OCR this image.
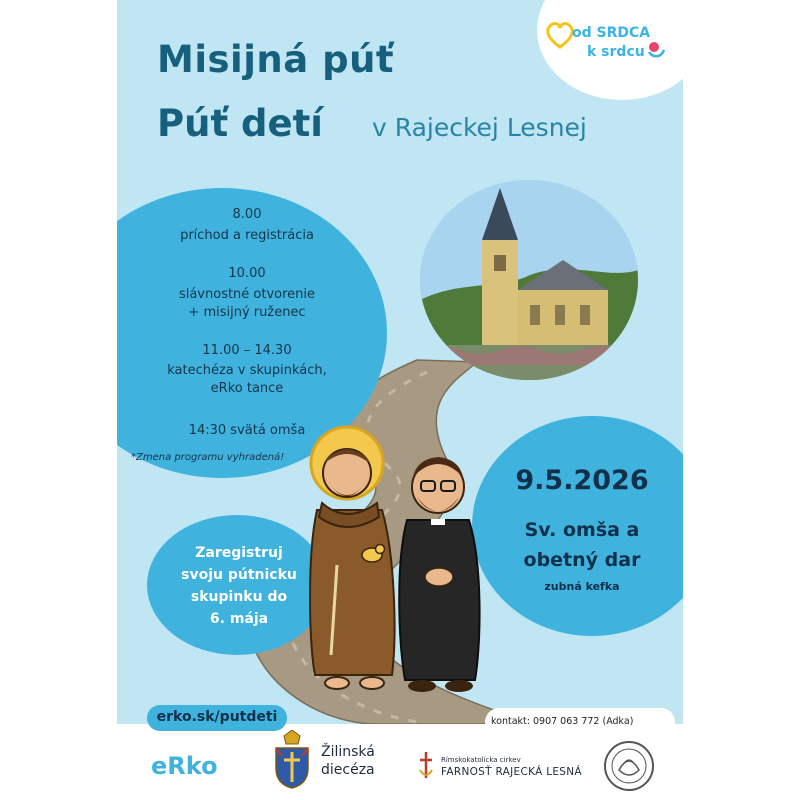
Misijná púť
Púť detí v Rajeckej Lesnej
od SRDCA
k srdcu
8.00
príchod a registrácia
10.00
slávnostné otvorenie
+ misijný ruženec
11.00 – 14.30
katechéza v skupinkách,
eRko tance
14:30 svätá omša
*Zmena programu vyhradená!
9.5.2026
Sv. omša a
obetný dar
zubná kefka
Zaregistruj
svoju pútnicku
skupinku do
6. mája
erko.sk/putdeti	kontakt: 0907 063 772 (Adka)
eRko	Žilinská
diecéza
Rímskokatolícka cirkev
FARNOSŤ RAJECKÁ LESNÁ
